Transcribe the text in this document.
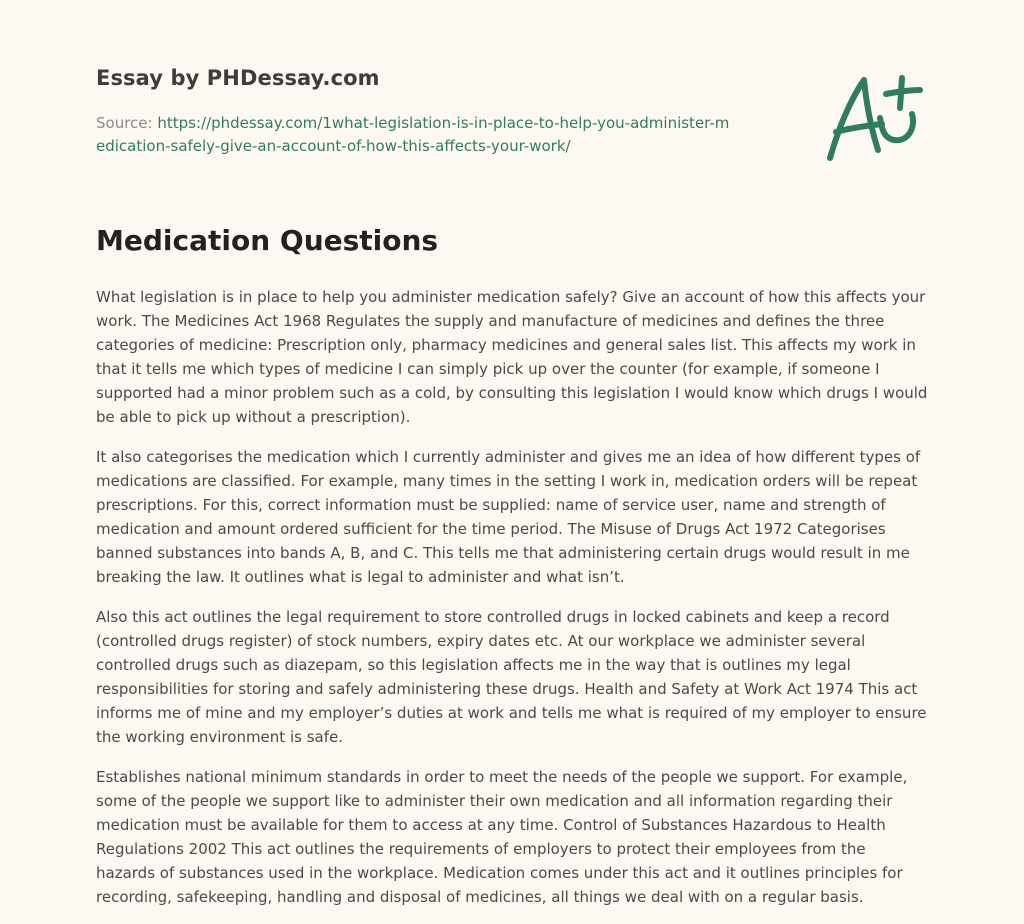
Essay by PHDessay.com

Source: https://phdessay.com/1what-legislation-is-in-place-to-help-you-administer-medication-safely-give-an-account-of-how-this-affects-your-work/

Medication Questions

What legislation is in place to help you administer medication safely? Give an account of how this affects your work. The Medicines Act 1968 Regulates the supply and manufacture of medicines and defines the three categories of medicine: Prescription only, pharmacy medicines and general sales list. This affects my work in that it tells me which types of medicine I can simply pick up over the counter (for example, if someone I supported had a minor problem such as a cold, by consulting this legislation I would know which drugs I would be able to pick up without a prescription).

It also categorises the medication which I currently administer and gives me an idea of how different types of medications are classified. For example, many times in the setting I work in, medication orders will be repeat prescriptions. For this, correct information must be supplied: name of service user, name and strength of medication and amount ordered sufficient for the time period. The Misuse of Drugs Act 1972 Categorises banned substances into bands A, B, and C. This tells me that administering certain drugs would result in me breaking the law. It outlines what is legal to administer and what isn’t.

Also this act outlines the legal requirement to store controlled drugs in locked cabinets and keep a record (controlled drugs register) of stock numbers, expiry dates etc. At our workplace we administer several controlled drugs such as diazepam, so this legislation affects me in the way that is outlines my legal responsibilities for storing and safely administering these drugs. Health and Safety at Work Act 1974 This act informs me of mine and my employer’s duties at work and tells me what is required of my employer to ensure the working environment is safe.

Establishes national minimum standards in order to meet the needs of the people we support. For example, some of the people we support like to administer their own medication and all information regarding their medication must be available for them to access at any time. Control of Substances Hazardous to Health Regulations 2002 This act outlines the requirements of employers to protect their employees from the hazards of substances used in the workplace. Medication comes under this act and it outlines principles for recording, safekeeping, handling and disposal of medicines, all things we deal with on a regular basis.
